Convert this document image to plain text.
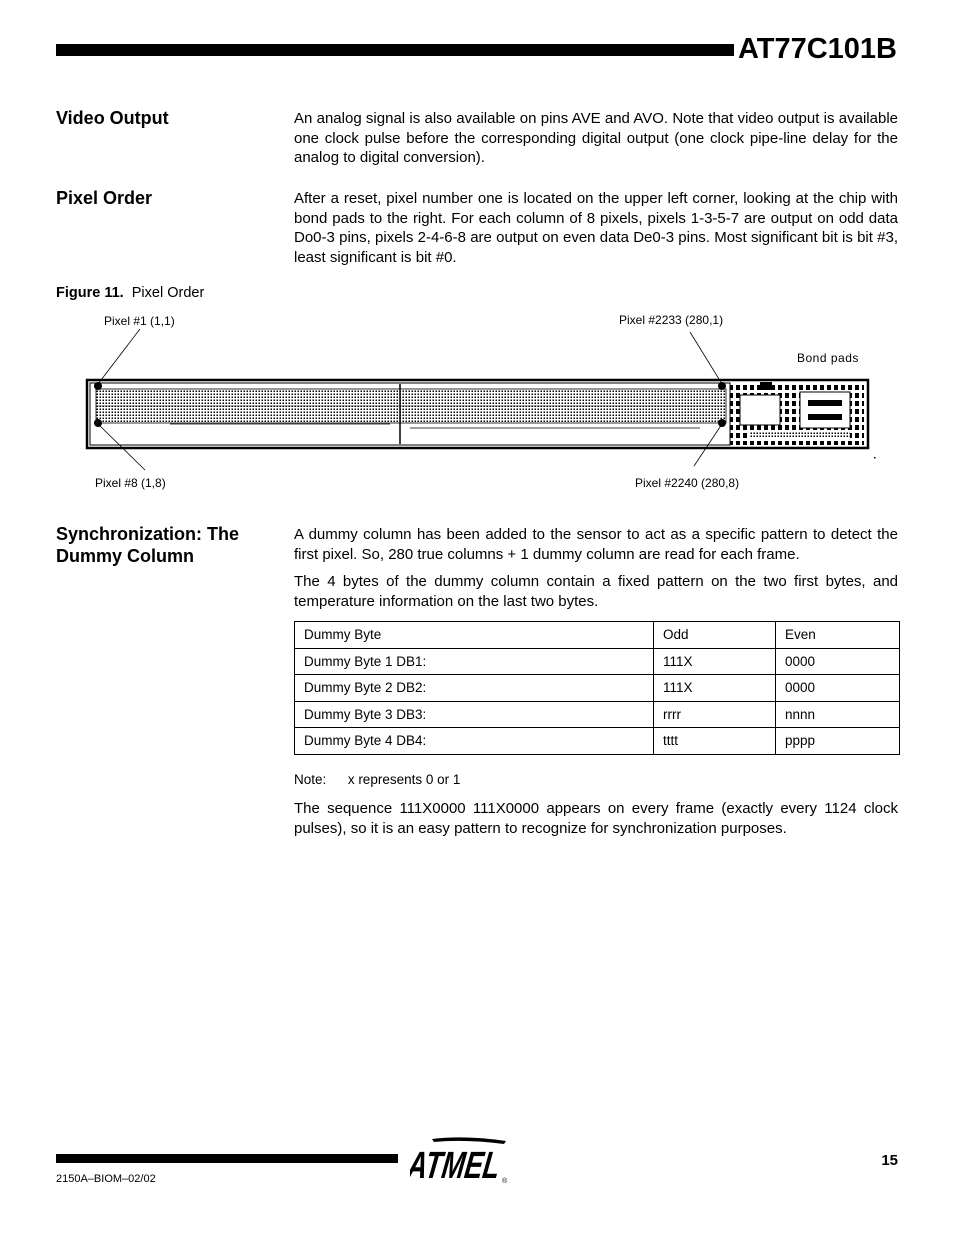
AT77C101B
Video Output	An analog signal is also available on pins AVE and AVO. Note that video output is available one clock pulse before the corresponding digital output (one clock pipe-line delay for the analog to digital conversion).
Pixel Order	After a reset, pixel number one is located on the upper left corner, looking at the chip with bond pads to the right. For each column of 8 pixels, pixels 1-3-5-7 are output on odd data Do0-3 pins, pixels 2-4-6-8 are output on even data De0-3 pins. Most significant bit is bit #3, least significant is bit #0.
Figure 11. Pixel Order
Pixel #1 (1,1)	Pixel #2233 (280,1)
Bond pads
Pixel #8 (1,8)	Pixel #2240 (280,8)
Synchronization: The Dummy Column
A dummy column has been added to the sensor to act as a specific pattern to detect the first pixel. So, 280 true columns + 1 dummy column are read for each frame.
The 4 bytes of the dummy column contain a fixed pattern on the two first bytes, and temperature information on the last two bytes.
Dummy Byte	Odd	Even
Dummy Byte 1 DB1:	111X	0000
Dummy Byte 2 DB2:	111X	0000
Dummy Byte 3 DB3:	rrrr	nnnn
Dummy Byte 4 DB4:	tttt	pppp
Note: x represents 0 or 1
The sequence 111X0000 111X0000 appears on every frame (exactly every 1124 clock pulses), so it is an easy pattern to recognize for synchronization purposes.
2150A–BIOM–02/02
15
ATMEL
®
